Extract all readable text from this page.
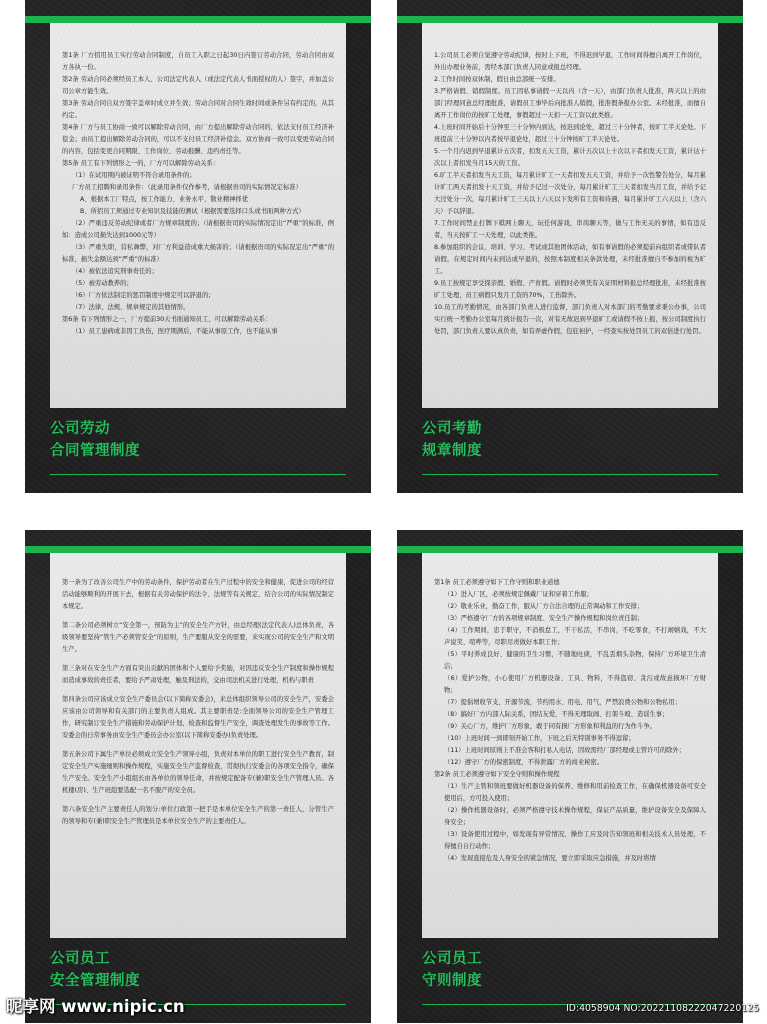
第1条 厂方招用员工实行劳动合同制度，自员工入职之日起30日内签订劳动合同，劳动合同由双方各执一份。

第2条 劳动合同必须经员工本人、公司法定代表人（或法定代表人书面授权的人）签字，并加盖公司公章方能生效。

第3条 劳动合同自双方签字盖章时成立并生效；劳动合同对合同生效时间或条件另有约定的，从其约定。

第4条 厂方与员工协商一致可以解除劳动合同，由厂方提出解除劳动合同的，依法支付员工经济补偿金；由员工提出解除劳动合同的，可以不支付员工经济补偿金。双方协商一致可以变更劳动合同的内容，包括变更合同期限、工作岗位、劳动报酬、违约责任等。

第5条 员工有下列情形之一的，厂方可以解除劳动关系：

（1）在试用期内被证明不符合录用条件的；

厂方员工招聘和录用条件：（此录用条件仅作参考，请根据贵司的实际情况定标准）

A、根据本工厂特点，按工作能力、业务水平、敬业精神择优

B、所招员工须通过专业知识及技能的测试（根据需要选择口头或书面两种方式）

（2）严重违反劳动纪律或者厂方规章制度的；（请根据贵司的实际情况定出“严重”的标准，例如：造成公司损失达到1000元等）

（3）严重失职，营私舞弊，对厂方利益造成重大损害的；（请根据贵司的实际况定出“严重”的标准，损失金额达到“严重”的标准）

（4）被依法追究刑事责任的；

（5）被劳动教养的；

（6）厂方依法制定的惩罚制度中规定可以辞退的；

（7）法律、法规、规章规定的其他情形。

第6条 有下列情形之一，厂方提前30天书面通知员工，可以解除劳动关系：

（1）员工患病或非因工负伤，医疗期满后，不能从事原工作，也不能从事

公司劳动
合同管理制度

1.公司员工必须自觉遵守劳动纪律，按时上下班，不得迟到早退，工作时间得擅自离开工作岗位，外出办理业务前，需经本部门负责人同意或报总经理。

2.工作时间按双休制，假日由总部统一安排。

3.严格请假、销假制度。员工因私事请假一天以内（含一天），由部门负责人批准，两天以上的由部门经理同意总经理批准，请假员工事毕后向批准人销假，批准假条报办公室。未经批准，而擅自离开工作岗位的按旷工处理，事假超过一天扣一天工资以此类推。

4.上班时间开始后十分钟至三十分钟内到达，按迟到论处，超过三十分钟者，按旷工半天论处。下班提前三十分钟以内者按早退论处，超过三十分钟按旷工半天论处。

5.一个月内迟到早退累计五次者，扣发五天工资，累计五次以上十次以下者扣发天工资，累计达十次以上者扣发当月15天的工资。

6.旷工半天者扣发当天工资，每月累计旷工一天者扣发五天工资，并给予一次性警告处分，每月累计旷工两天者扣发十天工资，并给予记过一次处分，每月累计旷工三天者扣发当月工资，并给予记大过处分一次，每月累计旷工三天以上六天以下发所有工资和待遇，每月累计旷工六天以上（含六天）予以辞退。

7.工作时间禁止打牌下棋网上聊天，玩任何游戏，串岗聊天等，做与工作无关的事情，如有违反者，当天按旷工一天处理，以此类推。

8.参加组织的会议、培训、学习、考试或其他团体活动，如有事请假的必须提前向组织者或带队者请假，在规定时间内未到达或早退的，按照本制度相关条款处理，未经批准擅自不参加的视为旷工。

9.员工按规定享受探亲假、婚假、产育假。请假时必须凭有关证明材料报总经理批准，未经批准按旷工处理，员工病假只发月工资的70%，工伤除外。

10.员工的考勤情况，由各部门负责人进行监督，部门负责人对本部门的考勤要求秉公办事，公司实行统一考勤办公室每月统计报告一次，对有无故迟到早退旷工或请假不按上报，按公司制度执行处罚，部门负责人要认真负责，如有弄虚作假，包庇袒护，一经查实按处罚员工的双倍进行处罚。

公司考勤
规章制度

第一条为了改善公司生产中的劳动条件，保护劳动者在生产过程中的安全和健康，促进公司的经营活动能够顺利的开展下去，根据有关劳动保护的法令、法规等有关规定，结合公司的实际情况制定本规定。

第二条公司必须树立“安全第一，预防为主”的安全生产方针，由总经理(法定代表人)总体负责，各级领导要坚持“管生产必须管安全”的原则，生产要服从安全的需要，来实现公司的安全生产和文明生产。

第三条对在安全生产方面有突出贡献的团体和个人要给予奖励，对因违反安全生产制度和操作规程而造成事故的责任者，要给予严肃处理，触及刑法的，交由司法机关进行处理，机构与职责

第四条公司应该成立安全生产委员会(以下简称安委会)，来总体组织领导公司的安全生产，安委会应该由公司领导和有关部门的主要负责人组成。其主要职责是:全面领导公司的安全生产管理工作，研究制订安全生产措施和劳动保护计划，检查和监督生产安全，调查处理发生的事故等工作。安委会的日常事务由安全生产委员会办公室(以下简称安委办)负责处理。

第五条公司下属生产单位必须成立安全生产领导小组，负责对本单位的职工进行安全生产教育，制定安全生产实施细则和操作规程，实施安全生产监督检查，贯彻执行安委会的各项安全指令，确保生产安全。安全生产小组组长由各单位的领导任命，并按规定配备专(兼)职安全生产管理人员。各机楼(房)、生产班组要选配一名不脱产的安全员。

第六条安全生产主要责任人的划分:单位行政第一把手是本单位安全生产的第一责任人，分管生产的领导和专(兼)职安全生产管理员是本单位安全生产的主要责任人。

公司员工
安全管理制度

第1条 员工必须遵守如下工作守则和职业道德

（1）进入厂区，必须按规定佩戴厂证和穿着工作服；

（2）敬业乐业，勤奋工作，服从厂方合法合理的正常调动和工作安排；

（3）严格遵守厂方的各项规章制度、安全生产操作规程和岗位责任制；

（4）工作期间，忠于职守，不消极怠工，不干私活，不串岗，不吃零食，不打闹嬉戏，不大声说笑、喧哗等，尽职尽责做好本职工作；

（5）平时养成良好、健康的卫生习惯，不随地吐痰，不乱丢烟头杂物，保持厂方环境卫生清洁；

（6）爱护公物，小心使用厂方机器设备、工具、物料，不得盗窃、贪污或故意损坏厂方财物；

（7）提倡增收节支，开源节流，节约用水、用电、用气，严禁浪费公物和公物私用；

（8）搞好厂方内部人际关系，团结友爱，不得无理取闹、打架斗殴、造谣生事；

（9）关心厂方，维护厂方形象，敢于同有损厂方形象和利益的行为作斗争。

（10）上班时间一到即刻开始工作，下班之后无特别事务不得逗留；

（11）上班时间原则上不准会客和打私人电话，因故需经厂部经理或主管许可的除外；

（12）遵守厂方的保密制度，不得泄露厂方的商业秘密。

第2条 员工必须遵守如下安全守则和操作规程

（1）生产主管和领班要做好机器设备的保养、维修和用前检查工作，在确保机器设备可安全使用后，方可投入使用；

（2）操作机器设备时，必须严格遵守技术操作规程，保证产品质量，维护设备安全及保障人身安全；

（3）设备使用过程中，如发现有异常情况，操作工应及时告知领班和相关技术人员处理，不得擅自自行动作；

（4）发现直接危及人身安全的紧急情况，要立即采取应急措施，并及时将情

公司员工
守则制度
昵享网 www.nipic.cn	ID:4058904 NO:20221108222047220125
